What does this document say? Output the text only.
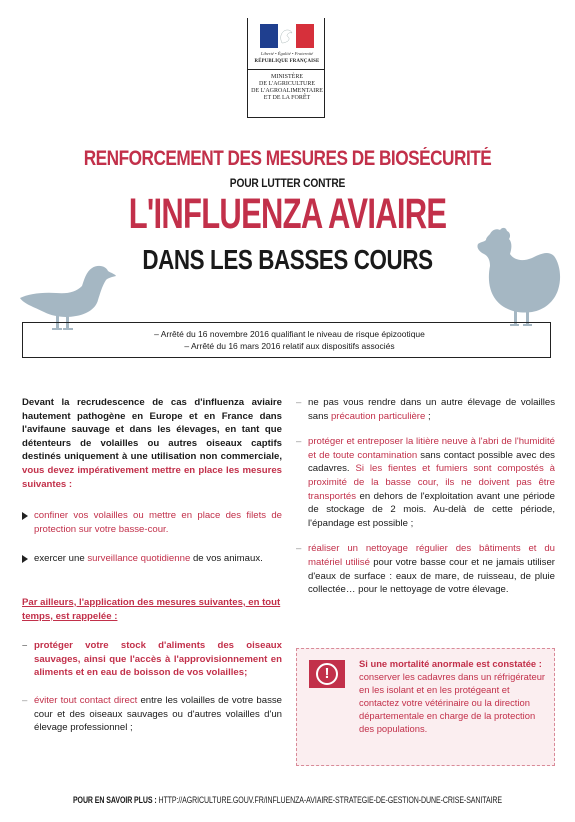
Liberté • Égalité • Fraternité
RÉPUBLIQUE FRANÇAISE
MINISTÈRE
DE L'AGRICULTURE
DE L'AGROALIMENTAIRE
ET DE LA FORÊT
RENFORCEMENT DES MESURES DE BIOSÉCURITÉ
POUR LUTTER CONTRE
L'INFLUENZA AVIAIRE
DANS LES BASSES COURS
– Arrêté du 16 novembre 2016 qualifiant le niveau de risque épizootique
– Arrêté du 16 mars 2016 relatif aux dispositifs associés

Devant la recrudescence de cas d'influenza aviaire hautement pathogène en Europe et en France dans l'avifaune sauvage et dans les élevages, en tant que détenteurs de volailles ou autres oiseaux captifs destinés uniquement à une utilisation non commerciale, vous devez impérativement mettre en place les mesures suivantes :

confiner vos volailles ou mettre en place des filets de protection sur votre basse-cour.
exercer une surveillance quotidienne de vos animaux.

Par ailleurs, l'application des mesures suivantes, en tout temps, est rappelée :

– protéger votre stock d'aliments des oiseaux sauvages, ainsi que l'accès à l'approvisionnement en aliments et en eau de boisson de vos volailles;
– éviter tout contact direct entre les volailles de votre basse cour et des oiseaux sauvages ou d'autres volailles d'un élevage professionnel ;
– ne pas vous rendre dans un autre élevage de volailles sans précaution particulière ;
– protéger et entreposer la litière neuve à l'abri de l'humidité et de toute contamination sans contact possible avec des cadavres. Si les fientes et fumiers sont compostés à proximité de la basse cour, ils ne doivent pas être transportés en dehors de l'exploitation avant une période de stockage de 2 mois. Au-delà de cette période, l'épandage est possible ;
– réaliser un nettoyage régulier des bâtiments et du matériel utilisé pour votre basse cour et ne jamais utiliser d'eaux de surface : eaux de mare, de ruisseau, de pluie collectée… pour le nettoyage de votre élevage.
!
Si une mortalité anormale est constatée : conserver les cadavres dans un réfrigérateur en les isolant et en les protégeant et contactez votre vétérinaire ou la direction départementale en charge de la protection des populations.
POUR EN SAVOIR PLUS : HTTP://AGRICULTURE.GOUV.FR/INFLUENZA-AVIAIRE-STRATEGIE-DE-GESTION-DUNE-CRISE-SANITAIRE
